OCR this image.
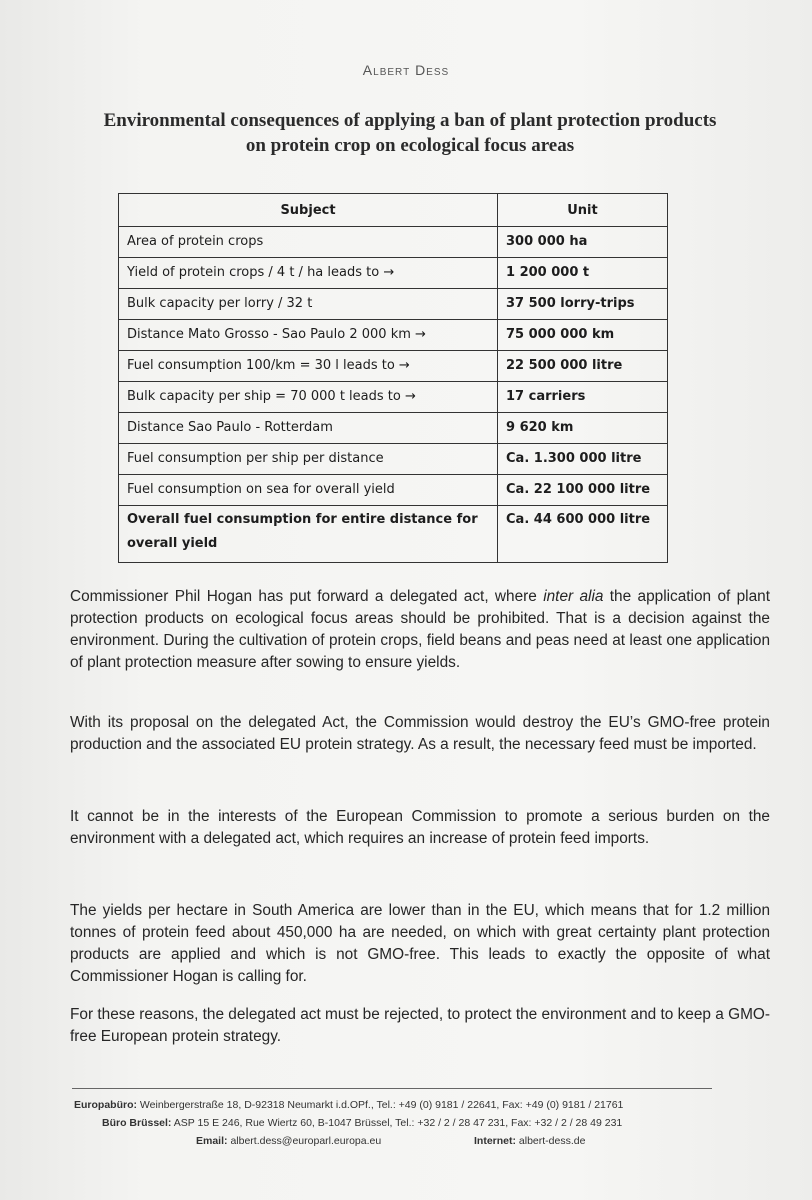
Albert Dess
Environmental consequences of applying a ban of plant protection products
on protein crop on ecological focus areas
Subject	Unit
Area of protein crops	300 000 ha
Yield of protein crops / 4 t / ha leads to →	1 200 000 t
Bulk capacity per lorry / 32 t	37 500 lorry-trips
Distance Mato Grosso - Sao Paulo 2 000 km →	75 000 000 km
Fuel consumption 100/km = 30 l leads to →	22 500 000 litre
Bulk capacity per ship = 70 000 t leads to →	17 carriers
Distance Sao Paulo - Rotterdam	9 620 km
Fuel consumption per ship per distance	Ca. 1.300 000 litre
Fuel consumption on sea for overall yield	Ca. 22 100 000 litre
Overall fuel consumption for entire distance for overall yield	Ca. 44 600 000 litre
Commissioner Phil Hogan has put forward a delegated act, where inter alia the application of plant protection products on ecological focus areas should be prohibited. That is a decision against the environment. During the cultivation of protein crops, field beans and peas need at least one application of plant protection measure after sowing to ensure yields.
With its proposal on the delegated Act, the Commission would destroy the EU’s GMO-free protein production and the associated EU protein strategy. As a result, the necessary feed must be imported.
It cannot be in the interests of the European Commission to promote a serious burden on the environment with a delegated act, which requires an increase of protein feed imports.
The yields per hectare in South America are lower than in the EU, which means that for 1.2 million tonnes of protein feed about 450,000 ha are needed, on which with great certainty plant protection products are applied and which is not GMO-free. This leads to exactly the opposite of what Commissioner Hogan is calling for.
For these reasons, the delegated act must be rejected, to protect the environment and to keep a GMO-free European protein strategy.
Europabüro: Weinbergerstraße 18, D-92318 Neumarkt i.d.OPf., Tel.: +49 (0) 9181 / 22641, Fax: +49 (0) 9181 / 21761
Büro Brüssel: ASP 15 E 246, Rue Wiertz 60, B-1047 Brüssel, Tel.: +32 / 2 / 28 47 231, Fax: +32 / 2 / 28 49 231
Email: albert.dess@europarl.europa.eu	Internet: albert-dess.de
